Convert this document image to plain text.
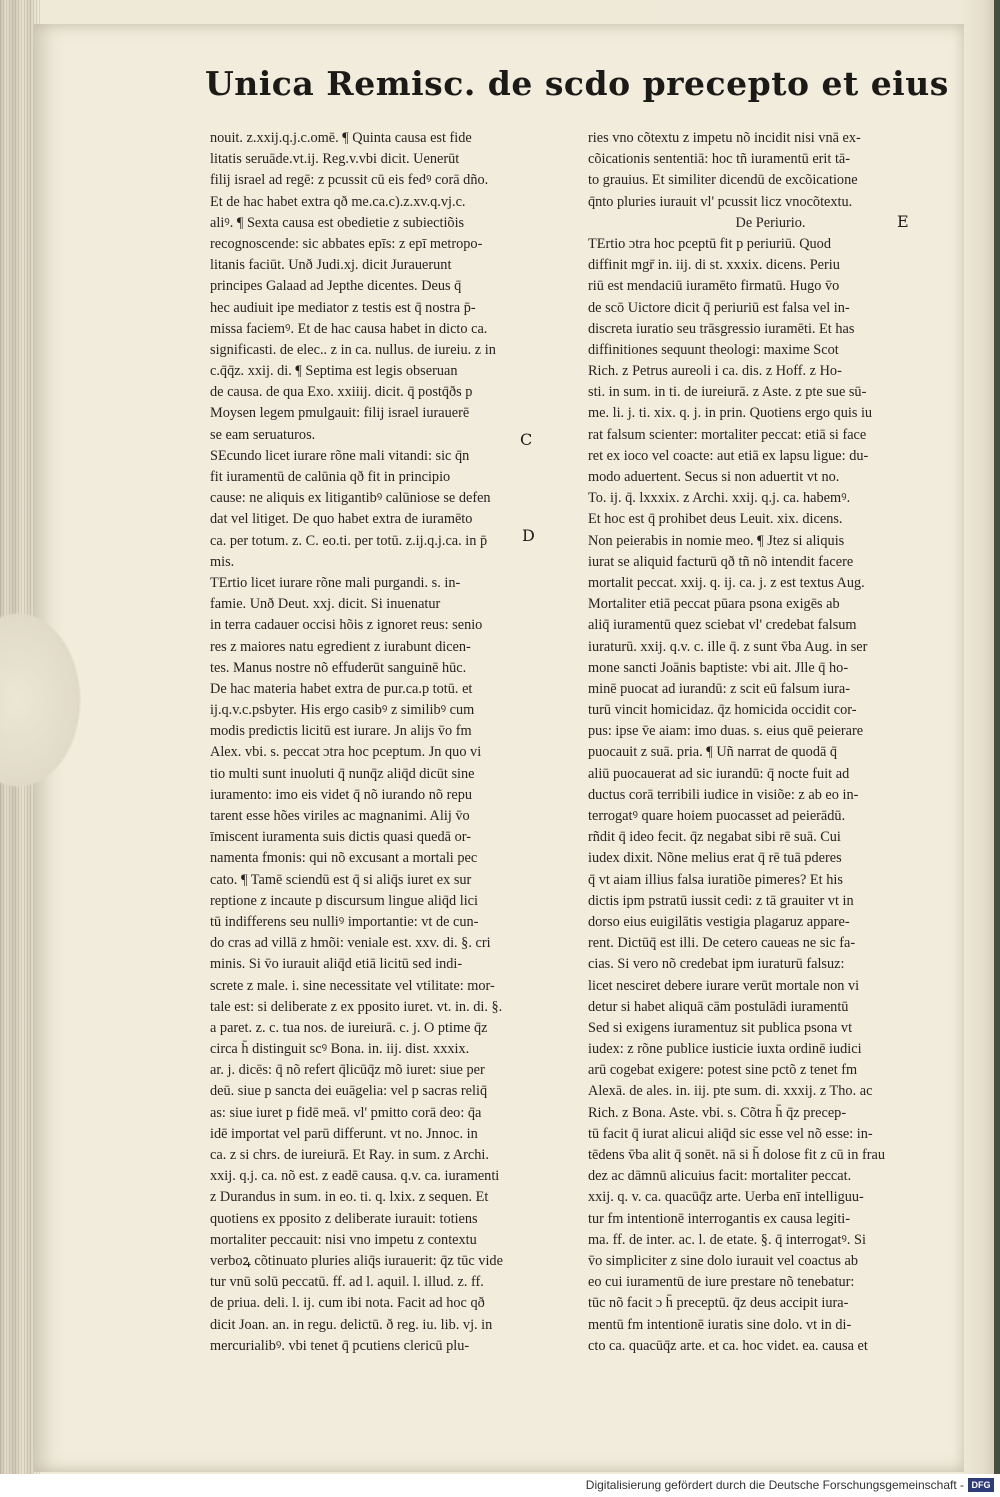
Unica Remisc. de scdo precepto et eius
nouit. z.xxij.q.j.c.omē. ¶ Quinta causa est fide
litatis seruāde.vt.ij. Reg.v.vbi dicit. Uenerūt
filij israel ad regē: z pcussit cū eis fedꝰ corā dño.
Et de hac habet extra qð me.ca.c).z.xv.q.vj.c.
aliꝰ. ¶ Sexta causa est obedietie z subiectiõis
recognoscende: sic abbates epīs: z epī metropo-
litanis faciūt. Unð Judi.xj. dicit Jurauerunt
principes Galaad ad Jepthe dicentes. Deus q̄
hec audiuit ipe mediator z testis est q̄ nostra p̄-
missa faciemꝰ. Et de hac causa habet in dicto ca.
significasti. de elec.. z in ca. nullus. de iureiu. z in
c.q̄q̄z. xxij. di. ¶ Septima est legis obseruan
de causa. de qua Exo. xxiiij. dicit. q̄ postq̄ðs p
Moysen legem pmulgauit: filij israel iurauerē
se eam seruaturos.
SEcundo licet iurare rõne mali vitandi: sic q̄n
fit iuramentū de calūnia qð fit in principio
cause: ne aliquis ex litigantibꝰ calūniose se defen
dat vel litiget. De quo habet extra de iuramēto
ca. per totum. z. C. eo.ti. per totū. z.ij.q.j.ca. in p̄
mis.
TErtio licet iurare rõne mali purgandi. s. in-
famie. Unð Deut. xxj. dicit. Si inuenatur
in terra cadauer occisi hõis z ignoret reus: senio
res z maiores natu egredient z iurabunt dicen-
tes. Manus nostre nõ effuderūt sanguinē hūc.
De hac materia habet extra de pur.ca.p totū. et
ij.q.v.c.psbyter. His ergo casibꝰ z similibꝰ cum
modis predictis licitū est iurare. Jn alijs v̄o fm
Alex. vbi. s. peccat ɔtra hoc pceptum. Jn quo vi
tio multi sunt inuoluti q̄ nunq̄z aliq̄d dicūt sine
iuramento: imo eis videt q̄ nõ iurando nõ repu
tarent esse hões viriles ac magnanimi. Alij v̄o
īmiscent iuramenta suis dictis quasi quedā or-
namenta fmonis: qui nõ excusant a mortali pec
cato. ¶ Tamē sciendū est q̄ si aliq̄s iuret ex sur
reptione z incaute p discursum lingue aliq̄d lici
tū indifferens seu nulliꝰ importantie: vt de cun-
do cras ad villā z hmõi: veniale est. xxv. di. §. cri
minis. Si v̄o iurauit aliq̄d etiā licitū sed indi-
screte z male. i. sine necessitate vel vtilitate: mor-
tale est: si deliberate z ex pposito iuret. vt. in. di. §.
a paret. z. c. tua nos. de iureiurā. c. j. O ptime q̄z
circa h̄ distinguit scꝰ Bona. in. iij. dist. xxxix.
ar. j. dicēs: q̄ nõ refert q̄licūq̄z mõ iuret: siue per
deū. siue p sancta dei euāgelia: vel p sacras reliq̄
as: siue iuret p fidē meā. vl' pmitto corā deo: q̄a
idē importat vel parū differunt. vt no. Jnnoc. in
ca. z si chrs. de iureiurā. Et Ray. in sum. z Archi.
xxij. q.j. ca. nõ est. z eadē causa. q.v. ca. iuramenti
z Durandus in sum. in eo. ti. q. lxix. z sequen. Et
quotiens ex pposito z deliberate iurauit: totiens
mortaliter peccauit: nisi vno impetu z contextu
verboꝝ cõtinuato pluries aliq̄s iurauerit: q̄z tūc vide
tur vnū solū peccatū. ff. ad l. aquil. l. illud. z. ff.
de priua. deli. l. ij. cum ibi nota. Facit ad hoc qð
dicit Joan. an. in regu. delictū. ð reg. iu. lib. vj. in
mercurialibꝰ. vbi tenet q̄ pcutiens clericū plu-
ries vno cõtextu z impetu nõ incidit nisi vnā ex-
cõicationis sententiā: hoc tñ iuramentū erit tā-
to grauius. Et similiter dicendū de excõicatione
q̄nto pluries iurauit vl' pcussit licz vnocõtextu.
De Periurio.
TErtio ɔtra hoc pceptū fit p periuriū. Quod
diffinit mgr̄ in. iij. di st. xxxix. dicens. Periu
riū est mendaciū iuramēto firmatū. Hugo v̄o
de scō Uictore dicit q̄ periuriū est falsa vel in-
discreta iuratio seu trāsgressio iuramēti. Et has
diffinitiones sequunt theologi: maxime Scot
Rich. z Petrus aureoli i ca. dis. z Hoff. z Ho-
sti. in sum. in ti. de iureiurā. z Aste. z pte sue sū-
me. li. j. ti. xix. q. j. in prin. Quotiens ergo quis iu
rat falsum scienter: mortaliter peccat: etiā si face
ret ex ioco vel coacte: aut etiā ex lapsu ligue: du-
modo aduertent. Secus si non aduertit vt no.
To. ij. q̄. lxxxix. z Archi. xxij. q.j. ca. habemꝰ.
Et hoc est q̄ prohibet deus Leuit. xix. dicens.
Non peierabis in nomie meo. ¶ Jtez si aliquis
iurat se aliquid facturū qð tñ nõ intendit facere
mortalit peccat. xxij. q. ij. ca. j. z est textus Aug.
Mortaliter etiā peccat pūara psona exigēs ab
aliq̄ iuramentū quez sciebat vl' credebat falsum
iuraturū. xxij. q.v. c. ille q̄. z sunt v̄ba Aug. in ser
mone sancti Joānis baptiste: vbi ait. Jlle q̄ ho-
minē puocat ad iurandū: z scit eū falsum iura-
turū vincit homicidaz. q̄z homicida occidit cor-
pus: ipse v̄e aiam: imo duas. s. eius quē peierare
puocauit z suā. pria. ¶ Uñ narrat de quodā q̄
aliū puocauerat ad sic iurandū: q̄ nocte fuit ad
ductus corā terribili iudice in visiõe: z ab eo in-
terrogatꝰ quare hoiem puocasset ad peierādū.
rñdit q̄ ideo fecit. q̄z negabat sibi rē suā. Cui
iudex dixit. Nõne melius erat q̄ rē tuā pderes
q̄ vt aiam illius falsa iuratiõe pimeres? Et his
dictis ipm pstratū iussit cedi: z tā grauiter vt in
dorso eius euigilātis vestigia plagaruz appare-
rent. Dictūq̄ est illi. De cetero caueas ne sic fa-
cias. Si vero nõ credebat ipm iuraturū falsuz:
licet nesciret debere iurare verūt mortale non vi
detur si habet aliquā cām postulādi iuramentū
Sed si exigens iuramentuz sit publica psona vt
iudex: z rõne publice iusticie iuxta ordinē iudici
arū cogebat exigere: potest sine pctõ z tenet fm
Alexā. de ales. in. iij. pte sum. di. xxxij. z Tho. ac
Rich. z Bona. Aste. vbi. s. Cõtra h̄ q̄z precep-
tū facit q̄ iurat alicui aliq̄d sic esse vel nõ esse: in-
tēdens v̄ba alit q̄ sonēt. nā si h̄ dolose fit z cū in frau
dez ac dāmnū alicuius facit: mortaliter peccat.
xxij. q. v. ca. quacūq̄z arte. Uerba enī intelliguu-
tur fm intentionē interrogantis ex causa legiti-
ma. ff. de inter. ac. l. de etate. §. q̄ interrogatꝰ. Si
v̄o simpliciter z sine dolo iurauit vel coactus ab
eo cui iuramentū de iure prestare nõ tenebatur:
tūc nõ facit ɔ h̄ preceptū. q̄z deus accipit iura-
mentū fm intentionē iuratis sine dolo. vt in di-
cto ca. quacūq̄z arte. et ca. hoc videt. ea. causa et
C
D
E
Digitalisierung gefördert durch die Deutsche Forschungsgemeinschaft - DFG
